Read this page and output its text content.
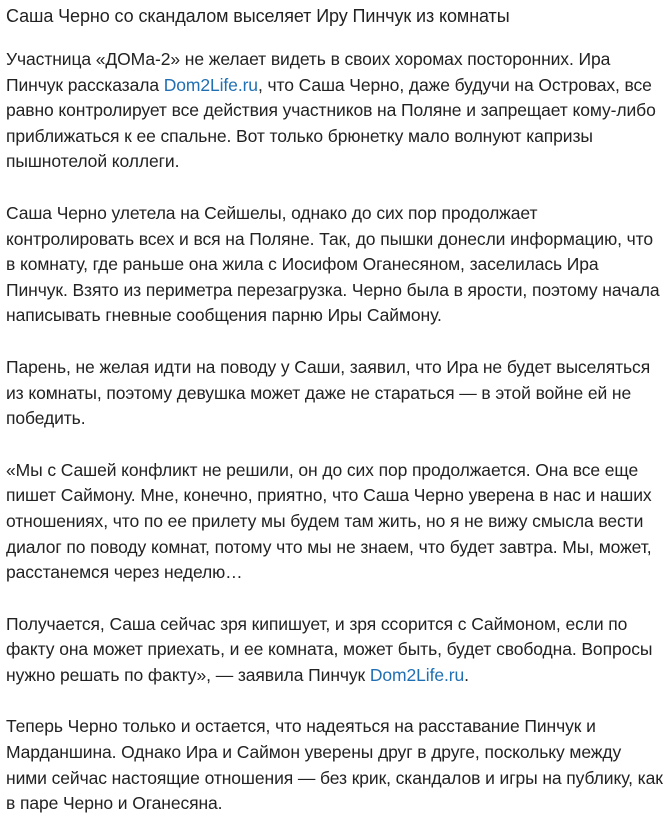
Саша Черно со скандалом выселяет Иру Пинчук из комнаты

Участница «ДОМа-2» не желает видеть в своих хоромах посторонних. Ира Пинчук рассказала Dom2Life.ru, что Саша Черно, даже будучи на Островах, все равно контролирует все действия участников на Поляне и запрещает кому-либо приближаться к ее спальне. Вот только брюнетку мало волнуют капризы пышнотелой коллеги.

Саша Черно улетела на Сейшелы, однако до сих пор продолжает контролировать всех и вся на Поляне. Так, до пышки донесли информацию, что в комнату, где раньше она жила с Иосифом Оганесяном, заселилась Ира Пинчук. Взято из периметра перезагрузка. Черно была в ярости, поэтому начала написывать гневные сообщения парню Иры Саймону.

Парень, не желая идти на поводу у Саши, заявил, что Ира не будет выселяться из комнаты, поэтому девушка может даже не стараться — в этой войне ей не победить.

«Мы с Сашей конфликт не решили, он до сих пор продолжается. Она все еще пишет Саймону. Мне, конечно, приятно, что Саша Черно уверена в нас и наших отношениях, что по ее прилету мы будем там жить, но я не вижу смысла вести диалог по поводу комнат, потому что мы не знаем, что будет завтра. Мы, может, расстанемся через неделю…

Получается, Саша сейчас зря кипишует, и зря ссорится с Саймоном, если по факту она может приехать, и ее комната, может быть, будет свободна. Вопросы нужно решать по факту», — заявила Пинчук Dom2Life.ru.

Теперь Черно только и остается, что надеяться на расставание Пинчук и Марданшина. Однако Ира и Саймон уверены друг в друге, поскольку между ними сейчас настоящие отношения — без крик, скандалов и игры на публику, как в паре Черно и Оганесяна.
